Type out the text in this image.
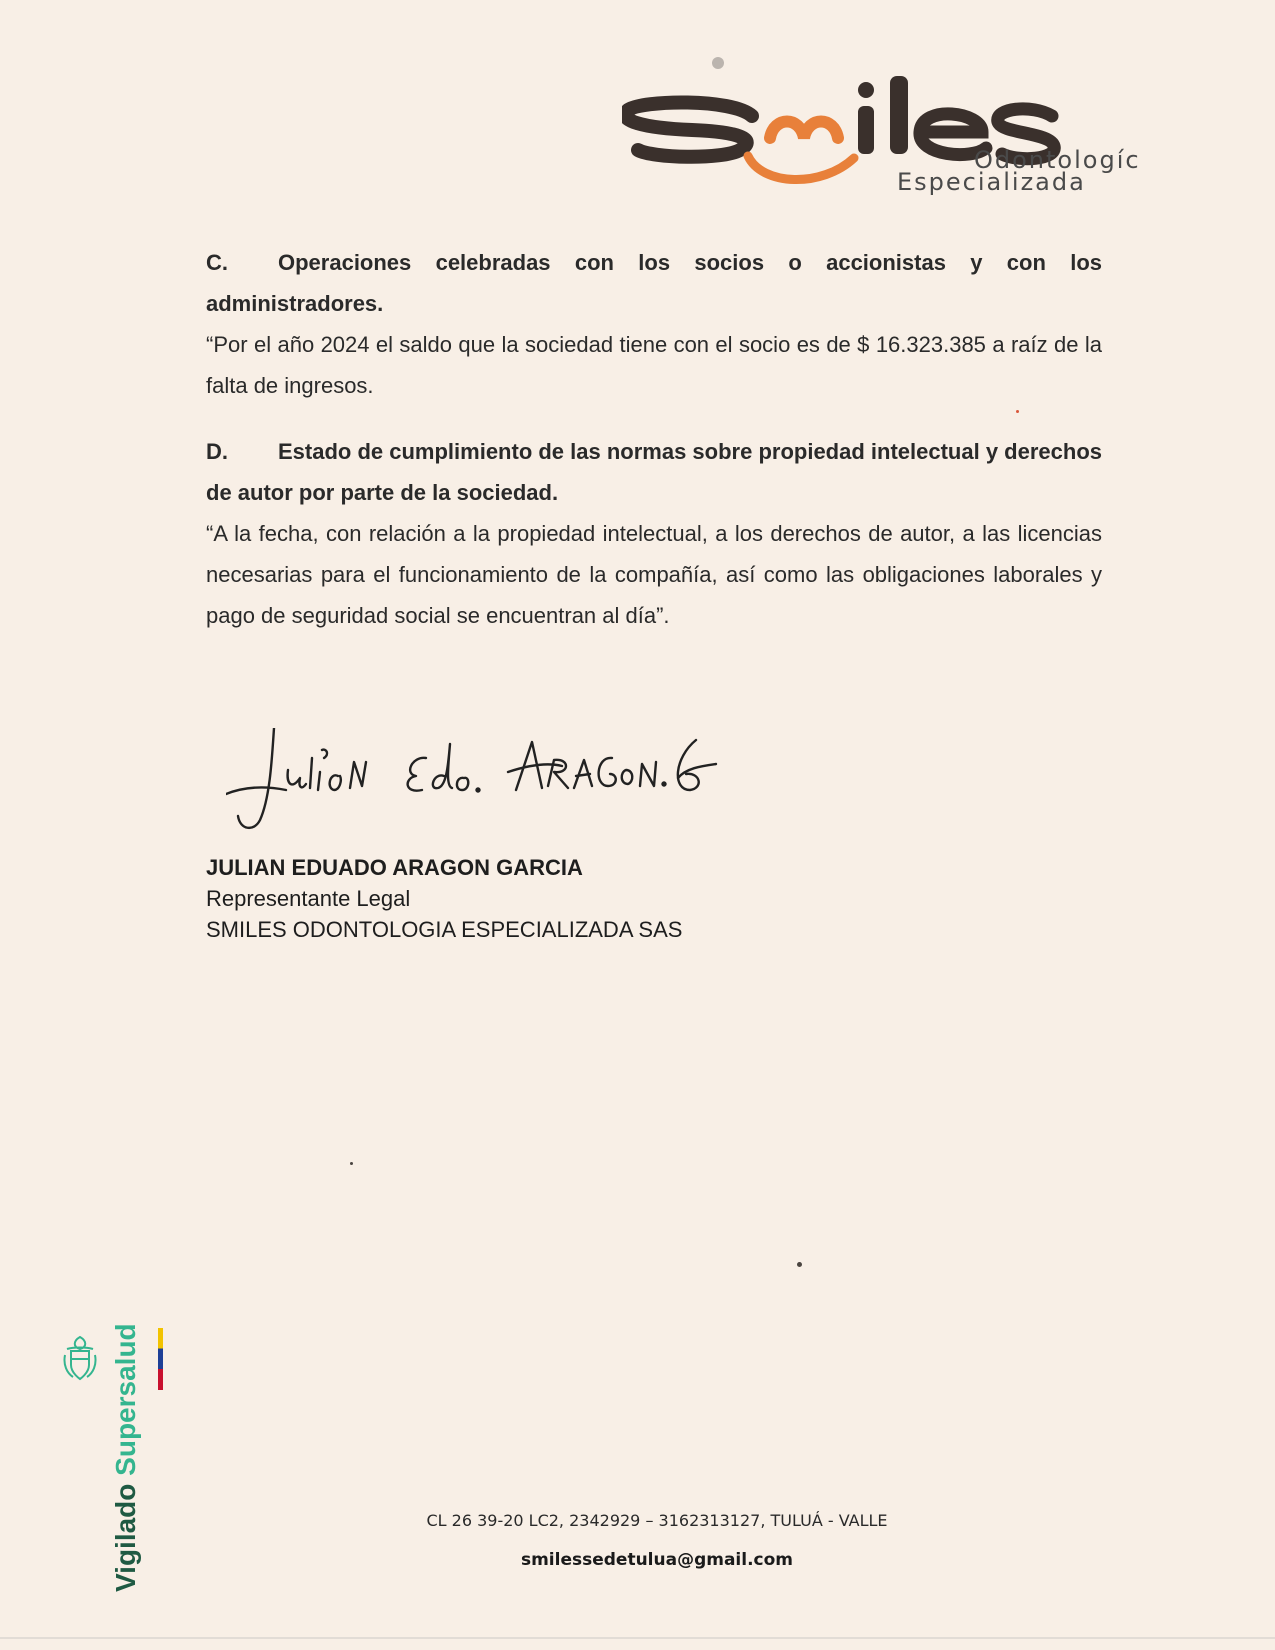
Odontologíc
Especializada

C. Operaciones celebradas con los socios o accionistas y con los administradores.

“Por el año 2024 el saldo que la sociedad tiene con el socio es de $ 16.323.385 a raíz de la falta de ingresos.

D. Estado de cumplimiento de las normas sobre propiedad intelectual y derechos de autor por parte de la sociedad.

“A la fecha, con relación a la propiedad intelectual, a los derechos de autor, a las licencias necesarias para el funcionamiento de la compañía, así como las obligaciones laborales y pago de seguridad social se encuentran al día”.

JULIAN EDUADO ARAGON GARCIA
Representante Legal
SMILES ODONTOLOGIA ESPECIALIZADA SAS
Vigilado Supersalud
CL 26 39-20 LC2, 2342929 – 3162313127, TULUÁ - VALLE
smilessedetulua@gmail.com
